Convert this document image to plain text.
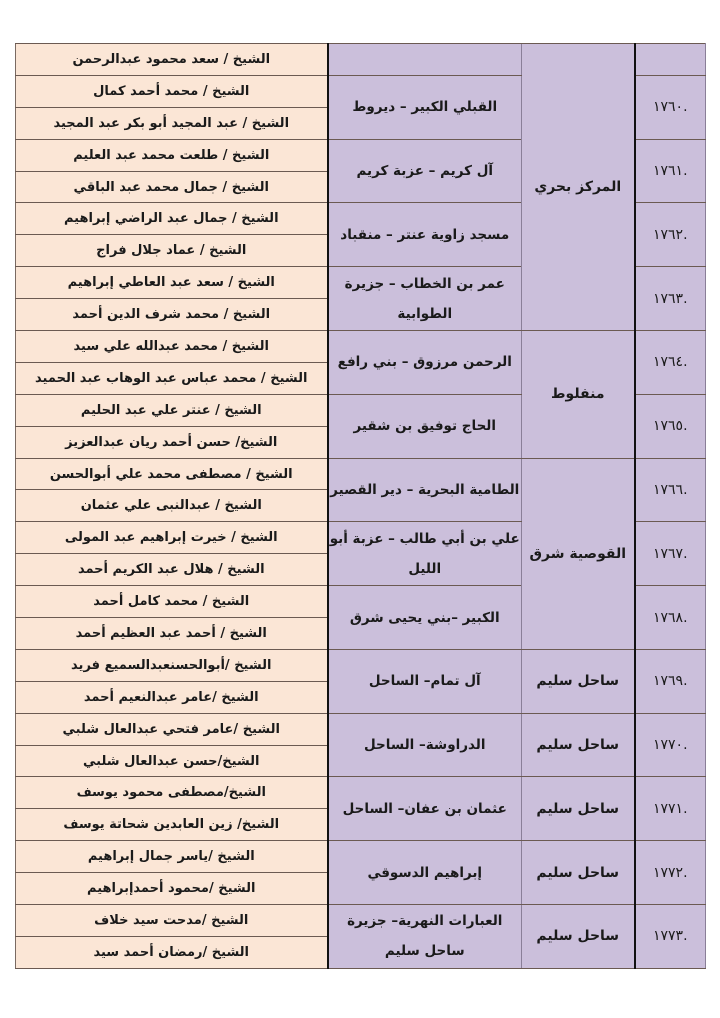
الشيخ / سعد محمود عبدالرحمن		المركز بحري	
الشيخ / محمد أحمد كمال	القبلي الكبير – ديروط		.١٧٦٠
الشيخ / عبد المجيد أبو بكر عبد المجيد			
الشيخ / طلعت محمد عبد العليم	آل كريم – عزبة كريم		.١٧٦١
الشيخ / جمال محمد عبد الباقي			
الشيخ / جمال عبد الراضي إبراهيم	مسجد زاوية عنتر – منقباد		.١٧٦٢
الشيخ / عماد جلال فراج			
الشيخ / سعد عبد العاطي إبراهيم	عمر بن الخطاب – جزيرة الطوابية		.١٧٦٣
الشيخ / محمد شرف الدين أحمد			
الشيخ / محمد عبدالله علي سيد	الرحمن مرزوق – بني رافع	منفلوط	.١٧٦٤
الشيخ / محمد عباس عبد الوهاب عبد الحميد			
الشيخ / عنتر علي عبد الحليم	الحاج توفيق بن شقير		.١٧٦٥
الشيخ/ حسن أحمد ريان عبدالعزيز			
الشيخ / مصطفى محمد علي أبوالحسن	الطامية البحرية – دير القصير	القوصية شرق	.١٧٦٦
الشيخ / عبدالنبى علي عثمان			
الشيخ / خيرت إبراهيم عبد المولى	علي بن أبي طالب – عزبة أبو الليل		.١٧٦٧
الشيخ / هلال عبد الكريم أحمد			
الشيخ / محمد كامل أحمد	الكبير –بني يحيى شرق		.١٧٦٨
الشيخ / أحمد عبد العظيم أحمد			
الشيخ /أبوالحسنعبدالسميع فريد	آل تمام– الساحل	ساحل سليم	.١٧٦٩
الشيخ /عامر عبدالنعيم أحمد			
الشيخ /عامر فتحي عبدالعال شلبي	الدراوشة– الساحل	ساحل سليم	.١٧٧٠
الشيخ/حسن عبدالعال شلبي			
الشيخ/مصطفى محمود يوسف	عثمان بن عفان– الساحل	ساحل سليم	.١٧٧١
الشيخ/ زين العابدين شحاتة يوسف			
الشيخ /ياسر جمال إبراهيم	إبراهيم الدسوقي	ساحل سليم	.١٧٧٢
الشيخ /محمود أحمدإبراهيم			
الشيخ /مدحت سيد خلاف	العبارات النهرية– جزيرة ساحل سليم	ساحل سليم	.١٧٧٣
الشيخ /رمضان أحمد سيد			
